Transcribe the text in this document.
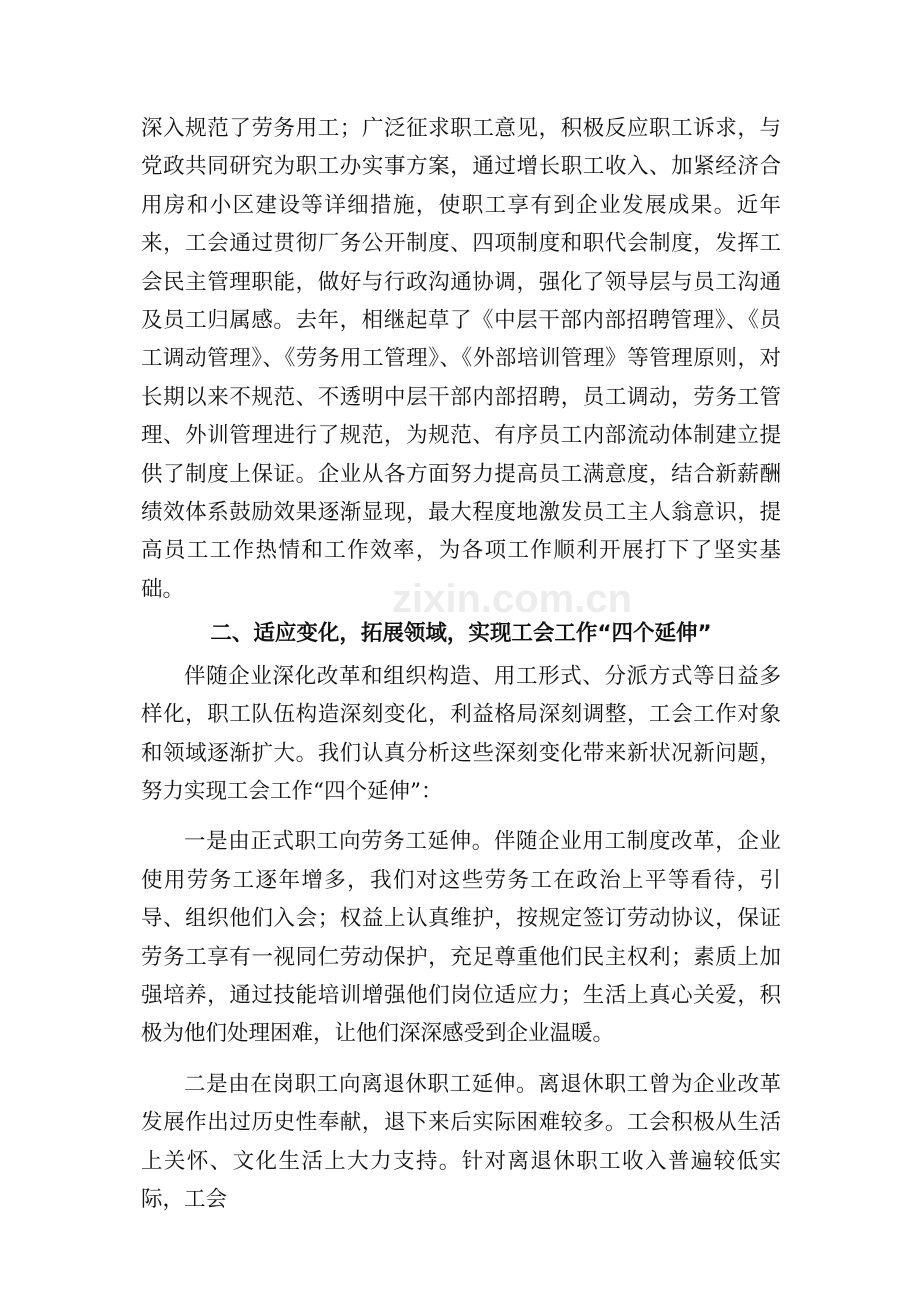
深入规范了劳务用工；广泛征求职工意见，积极反应职工诉求，与党政共同研究为职工办实事方案，通过增长职工收入、加紧经济合用房和小区建设等详细措施，使职工享有到企业发展成果。近年来，工会通过贯彻厂务公开制度、四项制度和职代会制度，发挥工会民主管理职能，做好与行政沟通协调，强化了领导层与员工沟通及员工归属感。去年，相继起草了《中层干部内部招聘管理》、《员工调动管理》、《劳务用工管理》、《外部培训管理》等管理原则，对长期以来不规范、不透明中层干部内部招聘，员工调动，劳务工管理、外训管理进行了规范，为规范、有序员工内部流动体制建立提供了制度上保证。企业从各方面努力提高员工满意度，结合新薪酬绩效体系鼓励效果逐渐显现，最大程度地激发员工主人翁意识，提高员工工作热情和工作效率，为各项工作顺利开展打下了坚实基础。

二、适应变化，拓展领域，实现工会工作“四个延伸”

伴随企业深化改革和组织构造、用工形式、分派方式等日益多样化，职工队伍构造深刻变化，利益格局深刻调整，工会工作对象和领域逐渐扩大。我们认真分析这些深刻变化带来新状况新问题，努力实现工会工作“四个延伸”：

一是由正式职工向劳务工延伸。伴随企业用工制度改革，企业使用劳务工逐年增多，我们对这些劳务工在政治上平等看待，引导、组织他们入会；权益上认真维护，按规定签订劳动协议，保证劳务工享有一视同仁劳动保护，充足尊重他们民主权利；素质上加强培养，通过技能培训增强他们岗位适应力；生活上真心关爱，积极为他们处理困难，让他们深深感受到企业温暖。

二是由在岗职工向离退休职工延伸。离退休职工曾为企业改革发展作出过历史性奉献，退下来后实际困难较多。工会积极从生活上关怀、文化生活上大力支持。针对离退休职工收入普遍较低实际，工会

zixin.com.cn
